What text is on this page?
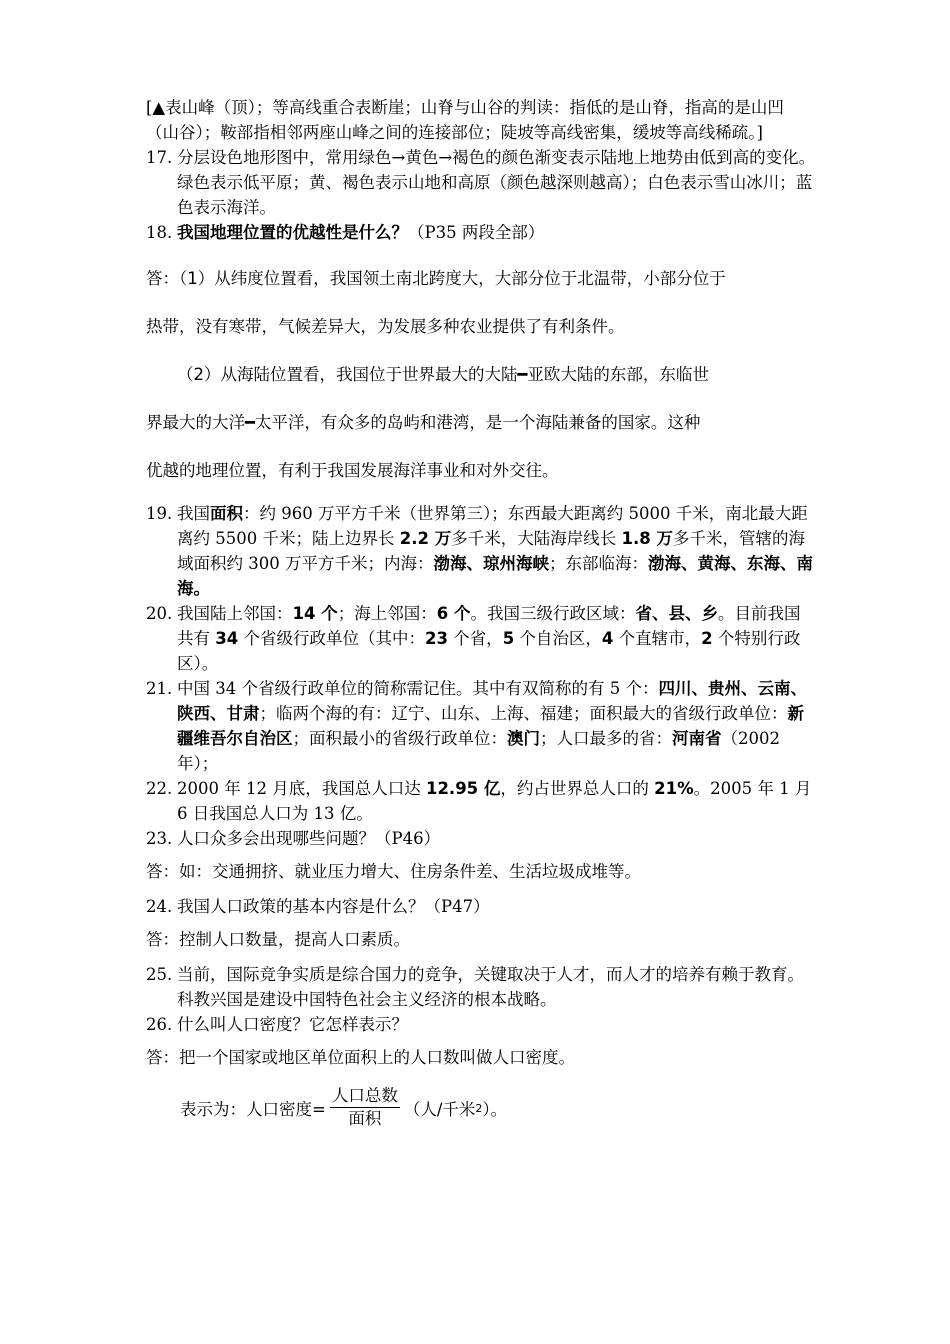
[▲表山峰（顶）；等高线重合表断崖；山脊与山谷的判读：指低的是山脊，指高的是山凹（山谷）；鞍部指相邻两座山峰之间的连接部位；陡坡等高线密集，缓坡等高线稀疏。]

17. 分层设色地形图中，常用绿色→黄色→褐色的颜色渐变表示陆地上地势由低到高的变化。绿色表示低平原；黄、褐色表示山地和高原（颜色越深则越高）；白色表示雪山冰川；蓝色表示海洋。
18. 我国地理位置的优越性是什么？（P35 两段全部）

答：（1）从纬度位置看，我国领土南北跨度大，大部分位于北温带，小部分位于

热带，没有寒带，气候差异大，为发展多种农业提供了有利条件。

（2）从海陆位置看，我国位于世界最大的大陆━亚欧大陆的东部，东临世

界最大的大洋━太平洋，有众多的岛屿和港湾，是一个海陆兼备的国家。这种

优越的地理位置，有利于我国发展海洋事业和对外交往。

19. 我国面积：约 960 万平方千米（世界第三）；东西最大距离约 5000 千米，南北最大距离约 5500 千米；陆上边界长 2.2 万多千米，大陆海岸线长 1.8 万多千米，管辖的海域面积约 300 万平方千米；内海：渤海、琼州海峡；东部临海：渤海、黄海、东海、南海。
20. 我国陆上邻国：14 个；海上邻国：6 个。我国三级行政区域：省、县、乡。目前我国共有 34 个省级行政单位（其中：23 个省，5 个自治区，4 个直辖市，2 个特别行政区）。
21. 中国 34 个省级行政单位的简称需记住。其中有双简称的有 5 个：四川、贵州、云南、陕西、甘肃；临两个海的有：辽宁、山东、上海、福建；面积最大的省级行政单位：新疆维吾尔自治区；面积最小的省级行政单位：澳门；人口最多的省：河南省（2002 年）；
22. 2000 年 12 月底，我国总人口达 12.95 亿，约占世界总人口的 21%。2005 年 1 月 6 日我国总人口为 13 亿。
23. 人口众多会出现哪些问题？（P46）

答：如：交通拥挤、就业压力增大、住房条件差、生活垃圾成堆等。

24. 我国人口政策的基本内容是什么？（P47）

答：控制人口数量，提高人口素质。

25. 当前，国际竞争实质是综合国力的竞争，关键取决于人才，而人才的培养有赖于教育。科教兴国是建设中国特色社会主义经济的根本战略。
26. 什么叫人口密度？它怎样表示？

答：把一个国家或地区单位面积上的人口数叫做人口密度。

表示为：人口密度= $\frac{\text{人口总数}}{\text{面积}}$ （人/千米 2 ）。
